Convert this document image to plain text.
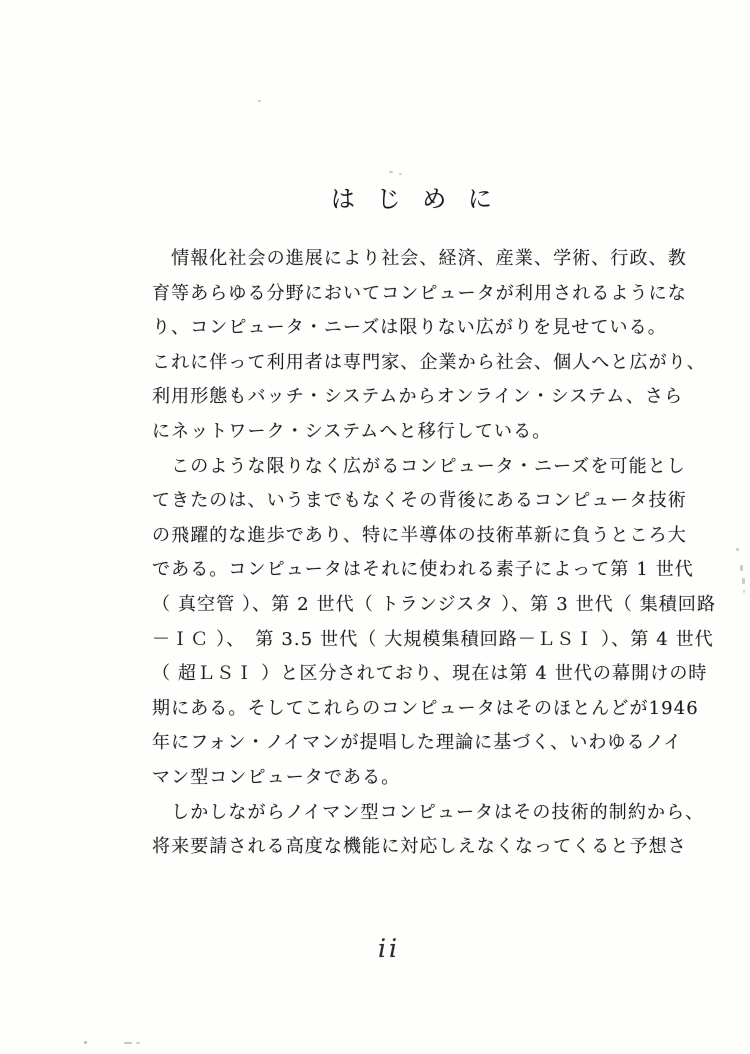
は じ め に
　情報化社会の進展により社会、経済、産業、学術、行政、教
育等あらゆる分野においてコンピュータが利用されるようにな
り、コンピュータ・ニーズは限りない広がりを見せている。
これに伴って利用者は専門家、企業から社会、個人へと広がり、
利用形態もバッチ・システムからオンライン・システム、さら
にネットワーク・システムへと移行している。
　このような限りなく広がるコンピュータ・ニーズを可能とし
てきたのは、いうまでもなくその背後にあるコンピュータ技術
の飛躍的な進歩であり、特に半導体の技術革新に負うところ大
である。コンピュータはそれに使われる素子によって第 1 世代
（ 真空管 ）、第 2 世代（ トランジスタ ）、第 3 世代（ 集積回路
－ＩＣ ）、　第 3.5 世代（ 大規模集積回路－ＬＳＩ ）、第 4 世代
（ 超ＬＳＩ ）と区分されており、現在は第 4 世代の幕開けの時
期にある。そしてこれらのコンピュータはそのほとんどが1946
年にフォン・ノイマンが提唱した理論に基づく、いわゆるノイ
マン型コンピュータである。
　しかしながらノイマン型コンピュータはその技術的制約から、
将来要請される高度な機能に対応しえなくなってくると予想さ
ii
